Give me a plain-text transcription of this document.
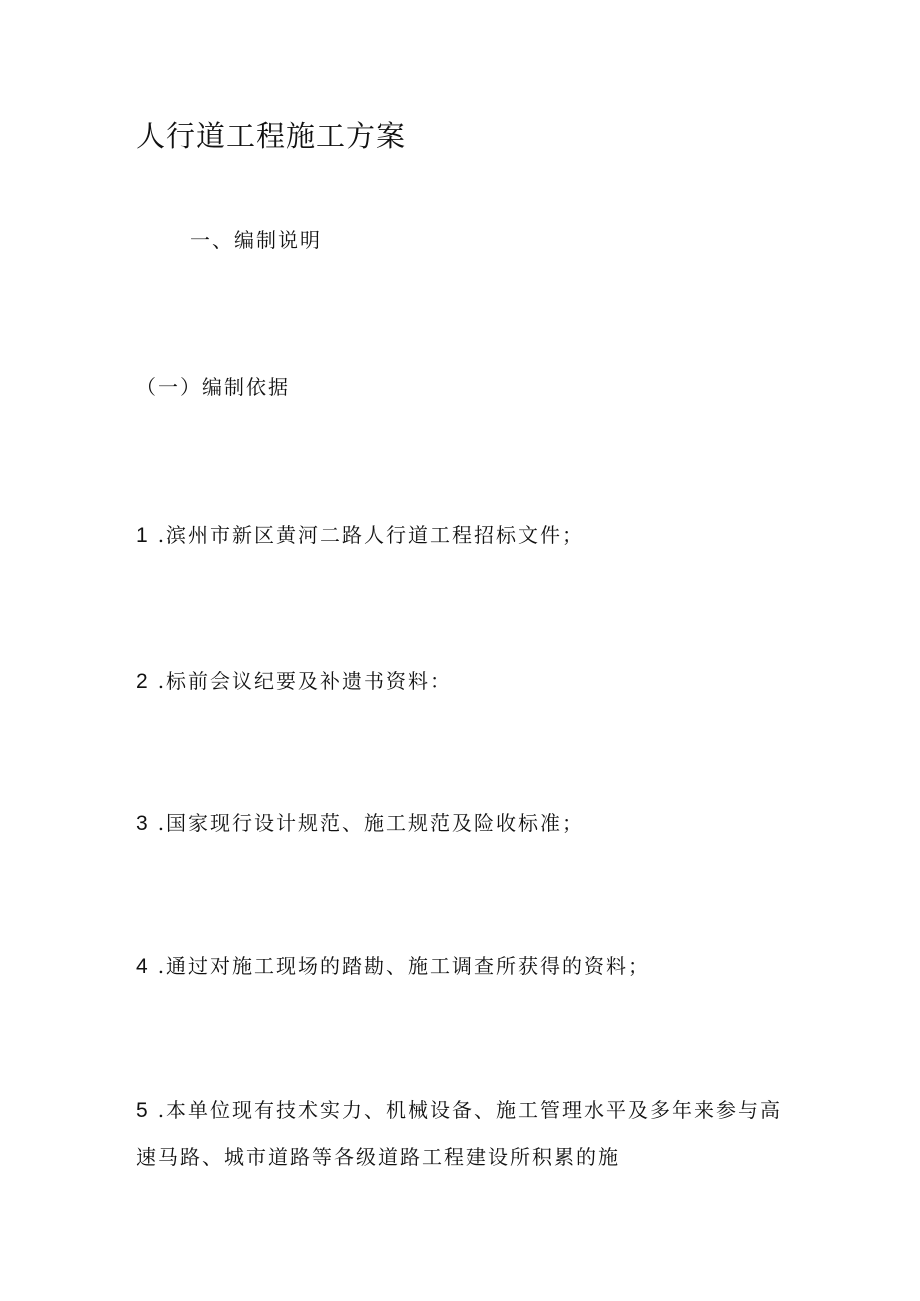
人行道工程施工方案
一、编制说明
（一）编制依据
1 .滨州市新区黄河二路人行道工程招标文件；
2 .标前会议纪要及补遗书资料：
3 .国家现行设计规范、施工规范及险收标准；
4 .通过对施工现场的踏勘、施工调查所获得的资料；
5 .本单位现有技术实力、机械设备、施工管理水平及多年来参与高
速马路、城市道路等各级道路工程建设所积累的施
